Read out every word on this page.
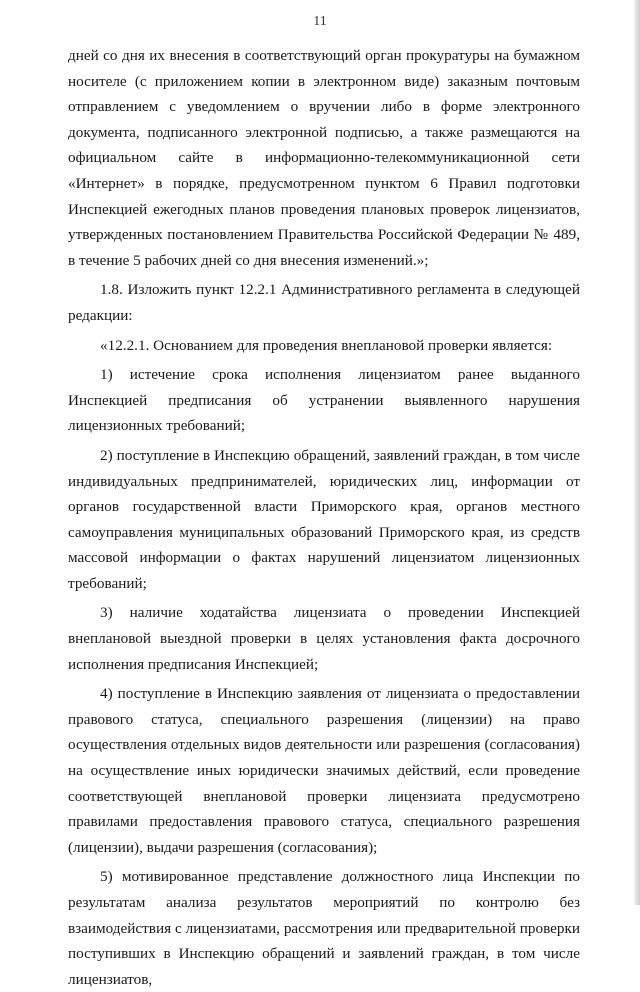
11

дней со дня их внесения в соответствующий орган прокуратуры на бумажном носителе (с приложением копии в электронном виде) заказным почтовым отправлением с уведомлением о вручении либо в форме электронного документа, подписанного электронной подписью, а также размещаются на официальном сайте в информационно-телекоммуникационной сети «Интернет» в порядке, предусмотренном пунктом 6 Правил подготовки Инспекцией ежегодных планов проведения плановых проверок лицензиатов, утвержденных постановлением Правительства Российской Федерации № 489, в течение 5 рабочих дней со дня внесения изменений.»;

1.8. Изложить пункт 12.2.1 Административного регламента в следующей редакции:

«12.2.1. Основанием для проведения внеплановой проверки является:

1) истечение срока исполнения лицензиатом ранее выданного Инспекцией предписания об устранении выявленного нарушения лицензионных требований;

2) поступление в Инспекцию обращений, заявлений граждан, в том числе индивидуальных предпринимателей, юридических лиц, информации от органов государственной власти Приморского края, органов местного самоуправления муниципальных образований Приморского края, из средств массовой информации о фактах нарушений лицензиатом лицензионных требований;

3) наличие ходатайства лицензиата о проведении Инспекцией внеплановой выездной проверки в целях установления факта досрочного исполнения предписания Инспекцией;

4) поступление в Инспекцию заявления от лицензиата о предоставлении правового статуса, специального разрешения (лицензии) на право осуществления отдельных видов деятельности или разрешения (согласования) на осуществление иных юридически значимых действий, если проведение соответствующей внеплановой проверки лицензиата предусмотрено правилами предоставления правового статуса, специального разрешения (лицензии), выдачи разрешения (согласования);

5) мотивированное представление должностного лица Инспекции по результатам анализа результатов мероприятий по контролю без взаимодействия с лицензиатами, рассмотрения или предварительной проверки поступивших в Инспекцию обращений и заявлений граждан, в том числе лицензиатов,
